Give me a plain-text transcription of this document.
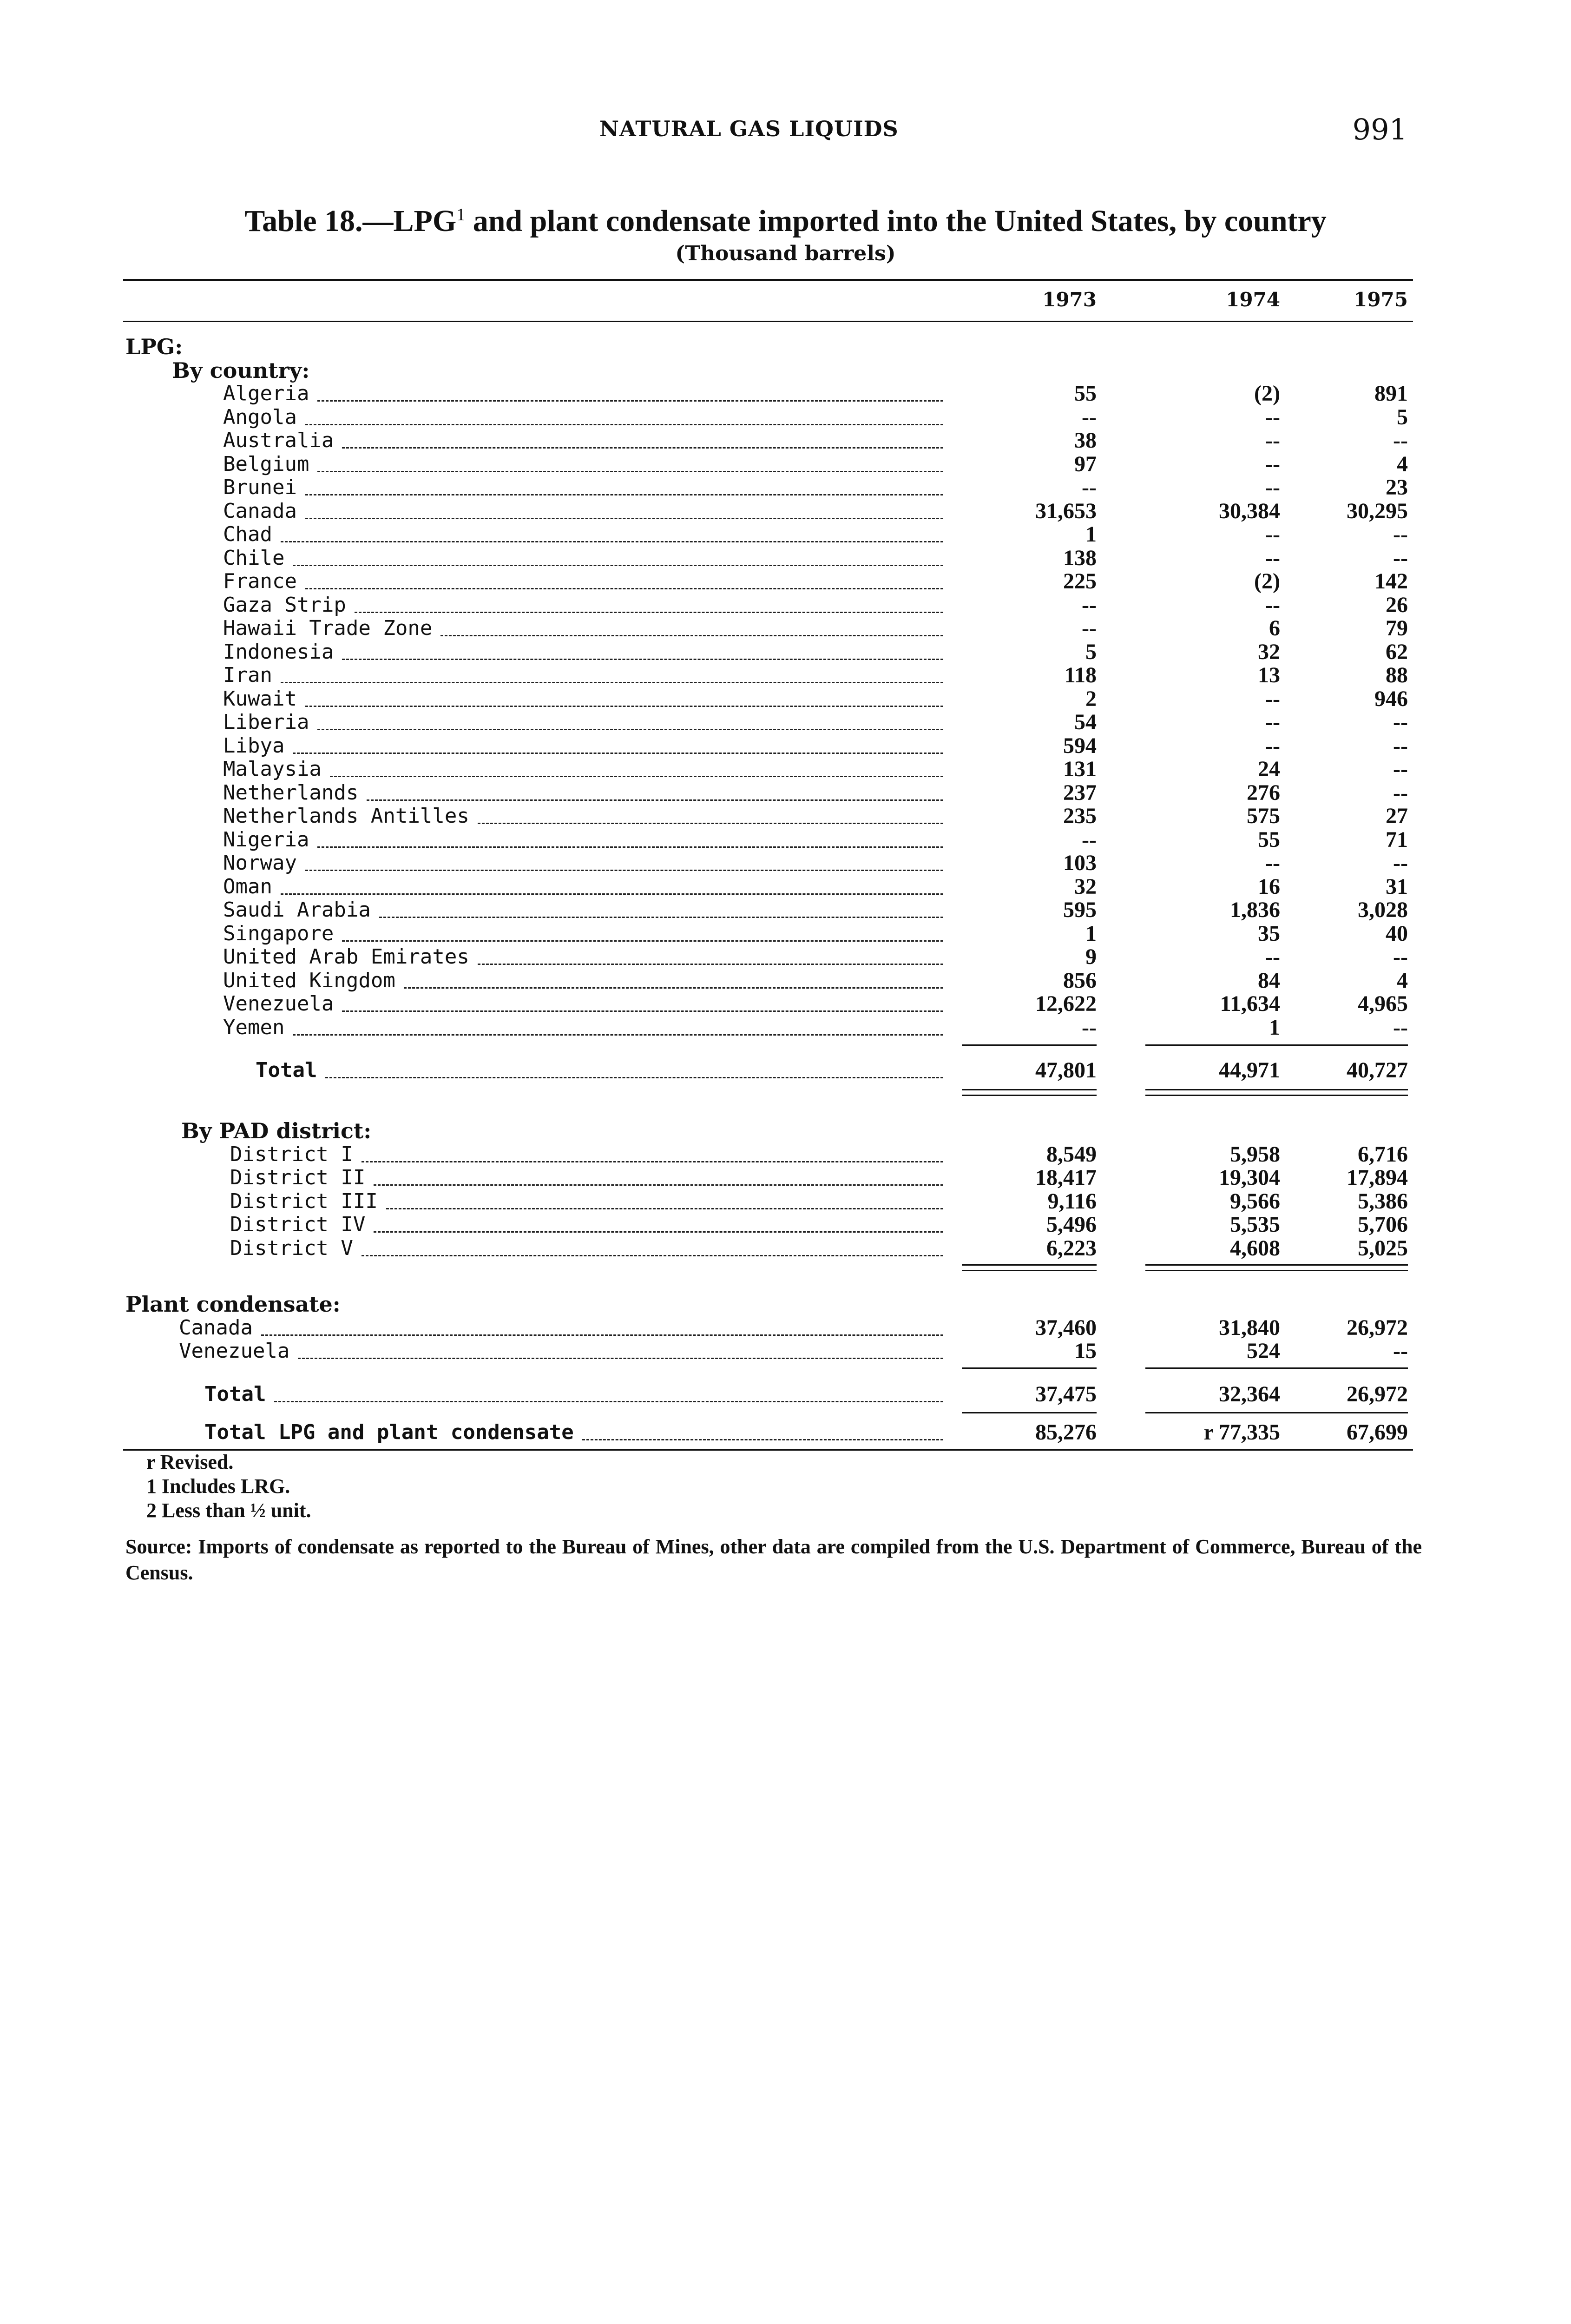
NATURAL GAS LIQUIDS	991
Table 18.—LPG$^1$ and plant condensate imported into the United States, by country
(Thousand barrels)
1973	1974	1975
LPG:
By country:
Algeria	55	(2)	891
Angola	--	--	5
Australia	38	--	--
Belgium	97	--	4
Brunei	--	--	23
Canada	31,653	30,384	30,295
Chad	1	--	--
Chile	138	--	--
France	225	(2)	142
Gaza Strip	--	--	26
Hawaii Trade Zone	--	6	79
Indonesia	5	32	62
Iran	118	13	88
Kuwait	2	--	946
Liberia	54	--	--
Libya	594	--	--
Malaysia	131	24	--
Netherlands	237	276	--
Netherlands Antilles	235	575	27
Nigeria	--	55	71
Norway	103	--	--
Oman	32	16	31
Saudi Arabia	595	1,836	3,028
Singapore	1	35	40
United Arab Emirates	9	--	--
United Kingdom	856	84	4
Venezuela	12,622	11,634	4,965
Yemen	--	1	--
Total	47,801	44,971	40,727
By PAD district:
District I	8,549	5,958	6,716
District II	18,417	19,304	17,894
District III	9,116	9,566	5,386
District IV	5,496	5,535	5,706
District V	6,223	4,608	5,025
Plant condensate:
Canada	37,460	31,840	26,972
Venezuela	15	524	--
Total	37,475	32,364	26,972
Total LPG and plant condensate	85,276	r 77,335	67,699
r Revised.
1 Includes LRG.
2 Less than ½ unit.
Source: Imports of condensate as reported to the Bureau of Mines, other data are compiled from the U.S. Department of Commerce, Bureau of the Census.
